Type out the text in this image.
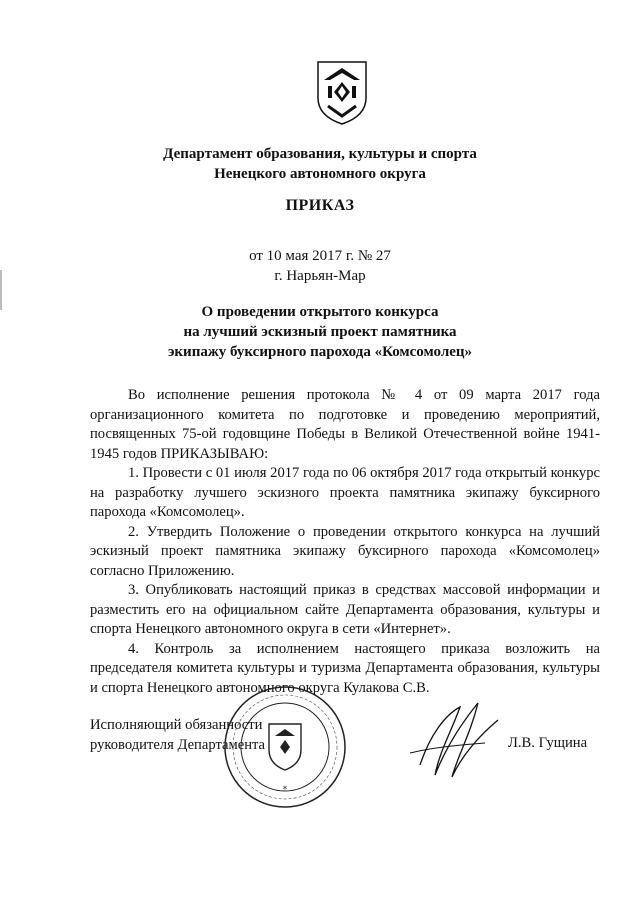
Департамент образования, культуры и спорта
Ненецкого автономного округа
ПРИКАЗ
от 10 мая 2017 г. № 27
г. Нарьян-Мар
О проведении открытого конкурса
на лучший эскизный проект памятника
экипажу буксирного парохода «Комсомолец»

Во исполнение решения протокола № 4 от 09 марта 2017 года организационного комитета по подготовке и проведению мероприятий, посвященных 75-ой годовщине Победы в Великой Отечественной войне 1941- 1945 годов ПРИКАЗЫВАЮ:

1. Провести с 01 июля 2017 года по 06 октября 2017 года открытый конкурс на разработку лучшего эскизного проекта памятника экипажу буксирного парохода «Комсомолец».

2. Утвердить Положение о проведении открытого конкурса на лучший эскизный проект памятника экипажу буксирного парохода «Комсомолец» согласно Приложению.

3. Опубликовать настоящий приказ в средствах массовой информации и разместить его на официальном сайте Департамента образования, культуры и спорта Ненецкого автономного округа в сети «Интернет».

4. Контроль за исполнением настоящего приказа возложить на председателя комитета культуры и туризма Департамента образования, культуры и спорта Ненецкого автономного округа Кулакова С.В.

Исполняющий обязанности
руководителя Департамента
*
Л.В. Гущина
